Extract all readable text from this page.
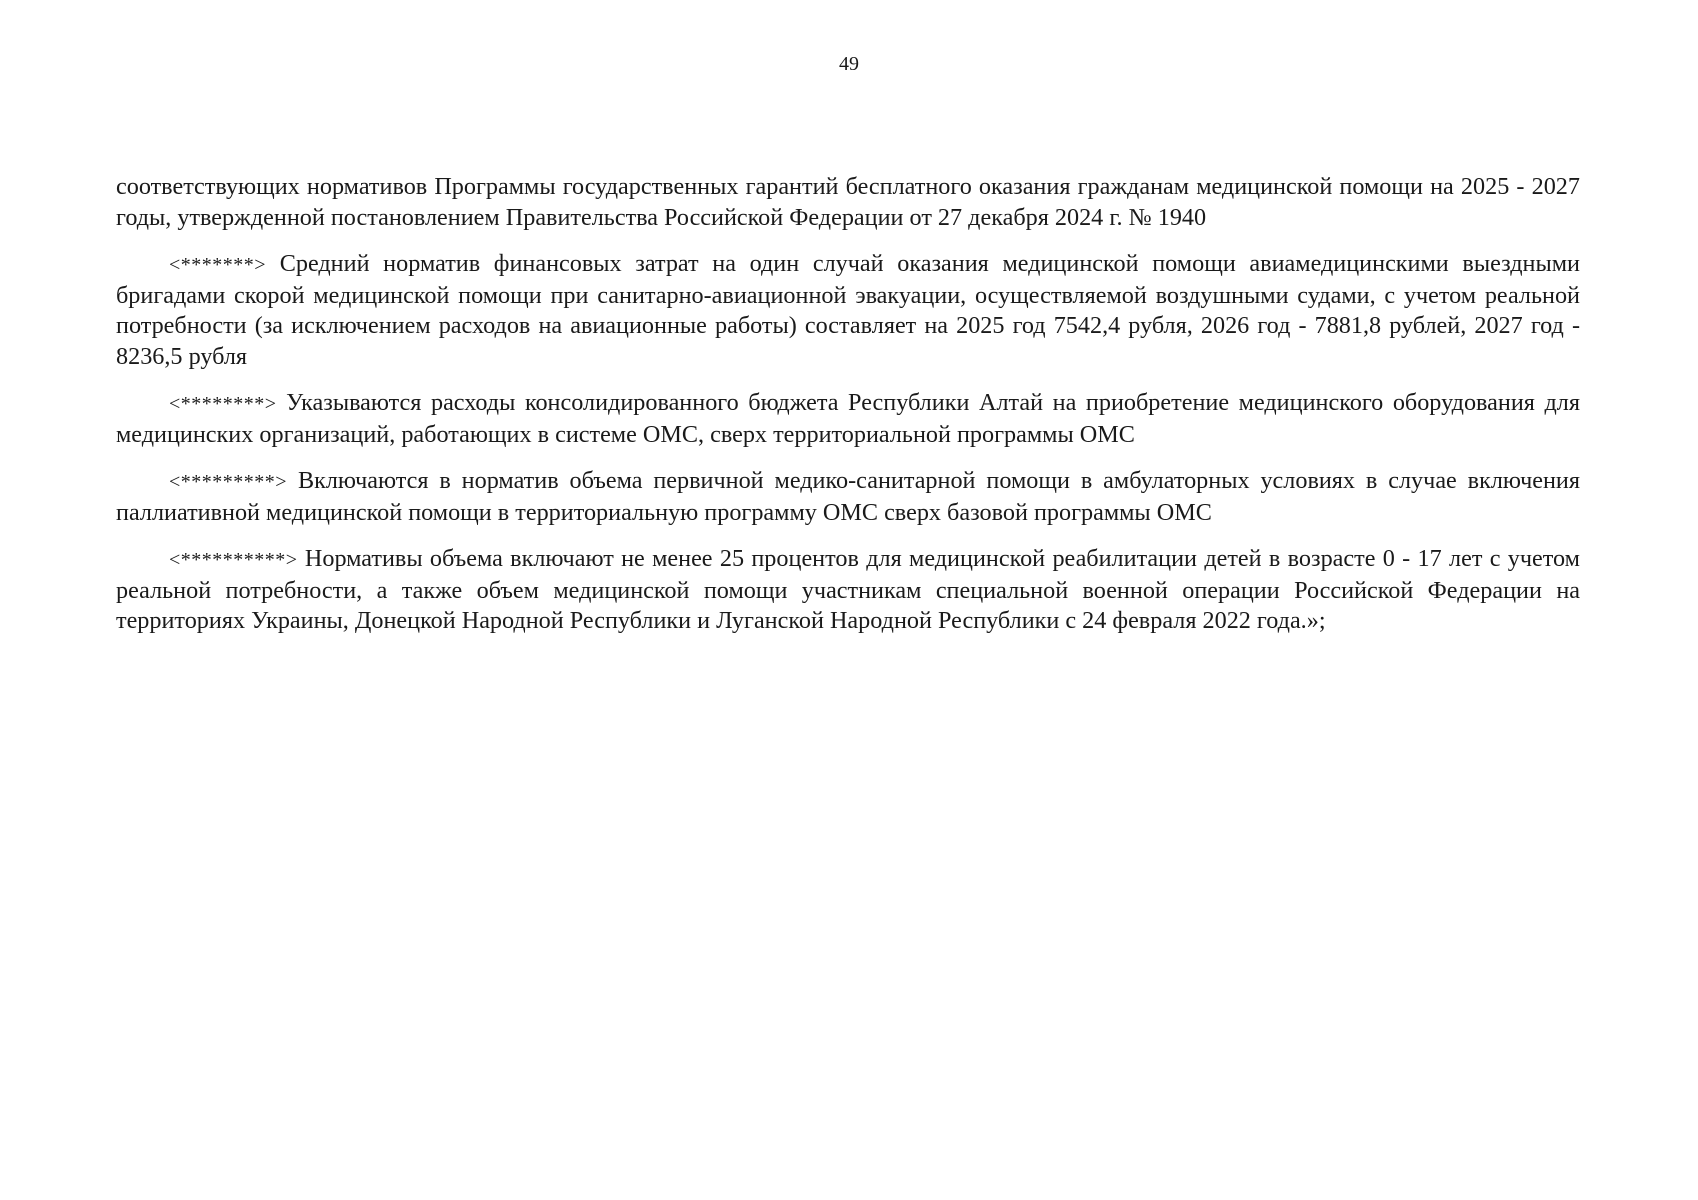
49

соответствующих нормативов Программы государственных гарантий бесплатного оказания гражданам медицинской помощи на 2025 - 2027 годы, утвержденной постановлением Правительства Российской Федерации от 27 декабря 2024 г. № 1940

<*******> Средний норматив финансовых затрат на один случай оказания медицинской помощи авиамедицинскими выездными бригадами скорой медицинской помощи при санитарно-авиационной эвакуации, осуществляемой воздушными судами, с учетом реальной потребности (за исключением расходов на авиационные работы) составляет на 2025 год 7542,4 рубля, 2026 год - 7881,8 рублей, 2027 год - 8236,5 рубля

<********> Указываются расходы консолидированного бюджета Республики Алтай на приобретение медицинского оборудования для медицинских организаций, работающих в системе ОМС, сверх территориальной программы ОМС

<*********> Включаются в норматив объема первичной медико-санитарной помощи в амбулаторных условиях в случае включения паллиативной медицинской помощи в территориальную программу ОМС сверх базовой программы ОМС

<**********> Нормативы объема включают не менее 25 процентов для медицинской реабилитации детей в возрасте 0 - 17 лет с учетом реальной потребности, а также объем медицинской помощи участникам специальной военной операции Российской Федерации на территориях Украины, Донецкой Народной Республики и Луганской Народной Республики с 24 февраля 2022 года.»;
